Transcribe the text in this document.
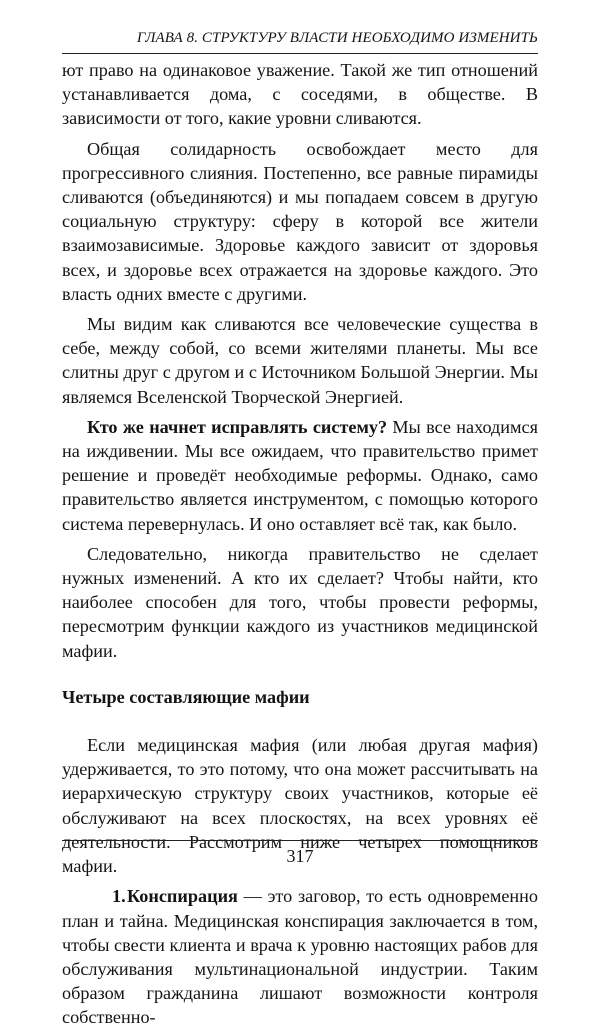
ГЛАВА 8. СТРУКТУРУ ВЛАСТИ НЕОБХОДИМО ИЗМЕНИТЬ

ют право на одинаковое уважение. Такой же тип отношений устанавливается дома, с соседями, в обществе. В зависимости от того, какие уровни сливаются.

Общая солидарность освобождает место для прогрессивного слияния. Постепенно, все равные пирамиды сливаются (объединяются) и мы попадаем совсем в другую социальную структуру: сферу в которой все жители взаимозависимые. Здоровье каждого зависит от здоровья всех, и здоровье всех отражается на здоровье каждого. Это власть одних вместе с другими.

Мы видим как сливаются все человеческие существа в себе, между собой, со всеми жителями планеты. Мы все слитны друг с другом и с Источником Большой Энергии. Мы являемся Вселенской Творческой Энергией.

Кто же начнет исправлять систему? Мы все находимся на иждивении. Мы все ожидаем, что правительство примет решение и проведёт необходимые реформы. Однако, само правительство является инструментом, с помощью которого система перевернулась. И оно оставляет всё так, как было.

Следовательно, никогда правительство не сделает нужных изменений. А кто их сделает? Чтобы найти, кто наиболее способен для того, чтобы провести реформы, пересмотрим функции каждого из участников медицинской мафии.

Четыре составляющие мафии

Если медицинская мафия (или любая другая мафия) удерживается, то это потому, что она может рассчитывать на иерархическую структуру своих участников, которые её обслуживают на всех плоскостях, на всех уровнях её деятельности. Рассмотрим ниже четырех помощников мафии.

1.Конспирация — это заговор, то есть одновременно план и тайна. Медицинская конспирация заключается в том, чтобы свести клиента и врача к уровню настоящих рабов для обслуживания мультинациональной индустрии. Таким образом гражданина лишают возможности контроля собственно-

317
